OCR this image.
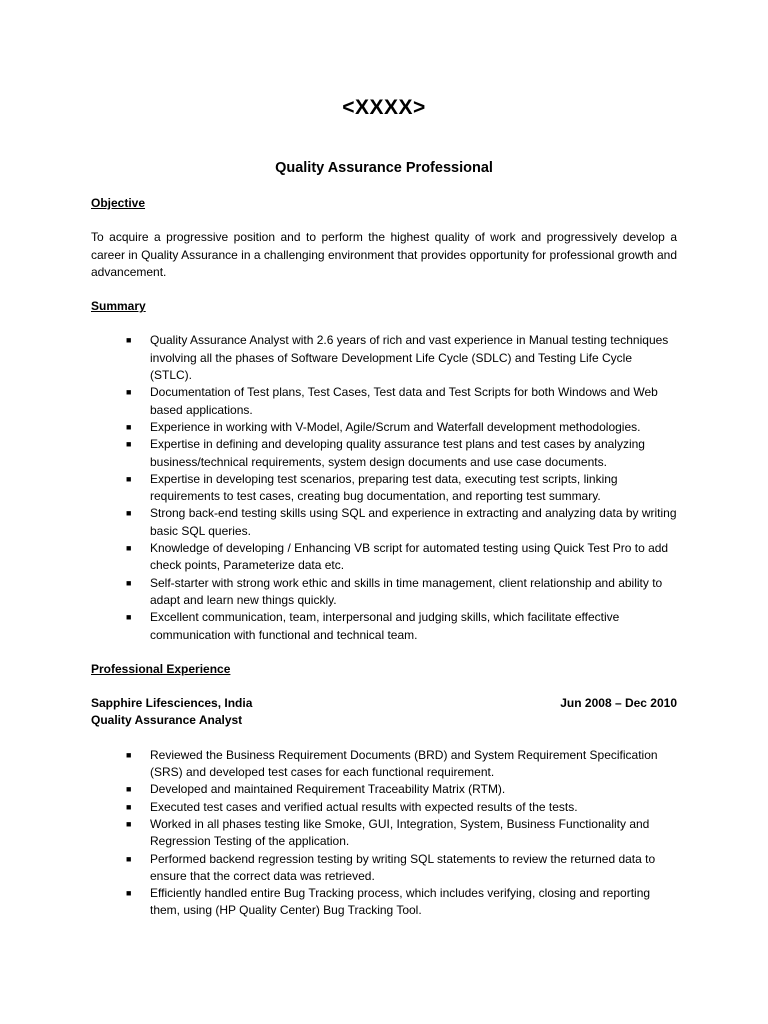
<XXXX>
Quality Assurance Professional

Objective

To acquire a progressive position and to perform the highest quality of work and progressively develop a career in Quality Assurance in a challenging environment that provides opportunity for professional growth and advancement.

Summary

■ Quality Assurance Analyst with 2.6 years of rich and vast experience in Manual testing techniques involving all the phases of Software Development Life Cycle (SDLC) and Testing Life Cycle (STLC).
■ Documentation of Test plans, Test Cases, Test data and Test Scripts for both Windows and Web based applications.
■ Experience in working with V-Model, Agile/Scrum and Waterfall development methodologies.
■ Expertise in defining and developing quality assurance test plans and test cases by analyzing business/technical requirements, system design documents and use case documents.
■ Expertise in developing test scenarios, preparing test data, executing test scripts, linking requirements to test cases, creating bug documentation, and reporting test summary.
■ Strong back-end testing skills using SQL and experience in extracting and analyzing data by writing basic SQL queries.
■ Knowledge of developing / Enhancing VB script for automated testing using Quick Test Pro to add check points, Parameterize data etc.
■ Self-starter with strong work ethic and skills in time management, client relationship and ability to adapt and learn new things quickly.
■ Excellent communication, team, interpersonal and judging skills, which facilitate effective communication with functional and technical team.

Professional Experience

Sapphire Lifesciences, India	Jun 2008 – Dec 2010
Quality Assurance Analyst
■ Reviewed the Business Requirement Documents (BRD) and System Requirement Specification (SRS) and developed test cases for each functional requirement.
■ Developed and maintained Requirement Traceability Matrix (RTM).
■ Executed test cases and verified actual results with expected results of the tests.
■ Worked in all phases testing like Smoke, GUI, Integration, System, Business Functionality and Regression Testing of the application.
■ Performed backend regression testing by writing SQL statements to review the returned data to ensure that the correct data was retrieved.
■ Efficiently handled entire Bug Tracking process, which includes verifying, closing and reporting them, using (HP Quality Center) Bug Tracking Tool.
